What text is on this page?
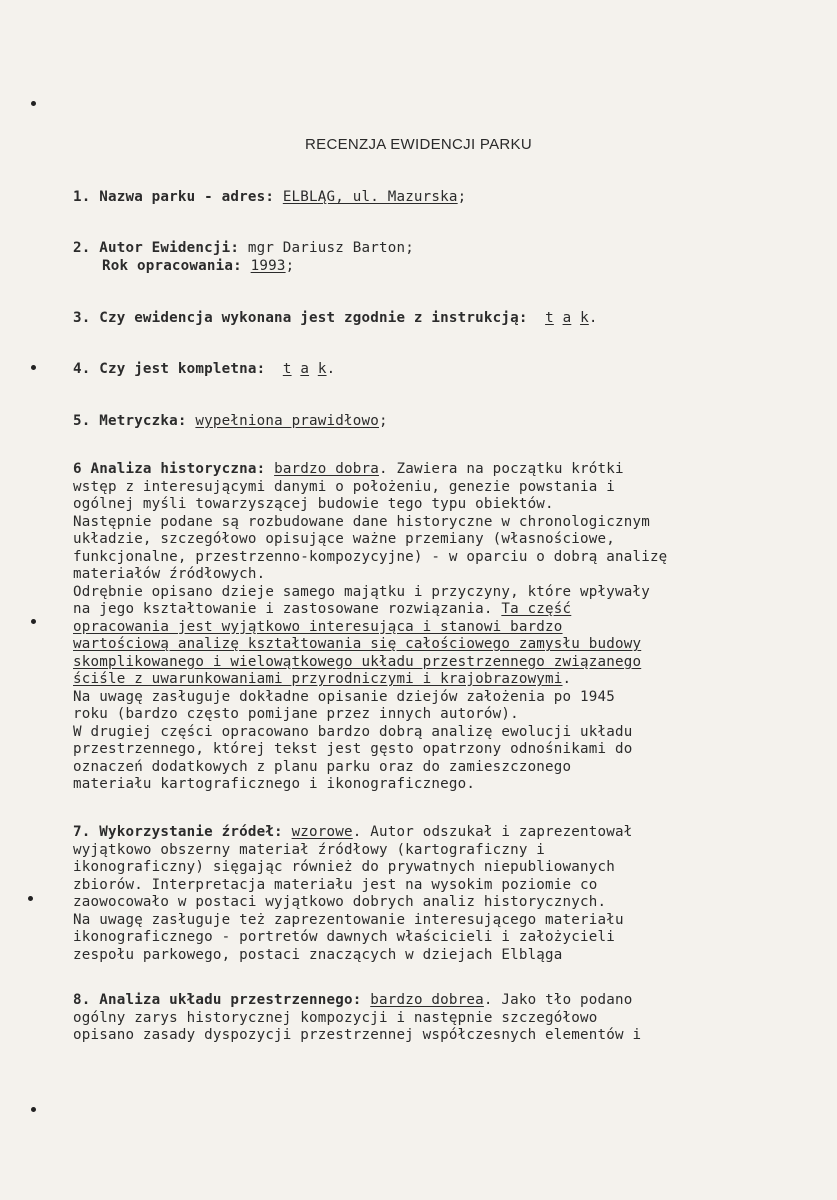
RECENZJA EWIDENCJI PARKU
1. Nazwa parku - adres: ELBLĄG, ul. Mazurska;
2. Autor Ewidencji: mgr Dariusz Barton;
Rok opracowania: 1993;
3. Czy ewidencja wykonana jest zgodnie z instrukcją: t a k.
4. Czy jest kompletna: t a k.
5. Metryczka: wypełniona prawidłowo;
6 Analiza historyczna: bardzo dobra. Zawiera na początku krótki
wstęp z interesującymi danymi o położeniu, genezie powstania i
ogólnej myśli towarzyszącej budowie tego typu obiektów.
Następnie podane są rozbudowane dane historyczne w chronologicznym
układzie, szczegółowo opisujące ważne przemiany (własnościowe,
funkcjonalne, przestrzenno-kompozycyjne) - w oparciu o dobrą analizę
materiałów źródłowych.
Odrębnie opisano dzieje samego majątku i przyczyny, które wpływały
na jego kształtowanie i zastosowane rozwiązania. Ta część
opracowania jest wyjątkowo interesująca i stanowi bardzo
wartościową analizę kształtowania się całościowego zamysłu budowy
skomplikowanego i wielowątkowego układu przestrzennego związanego
ściśle z uwarunkowaniami przyrodniczymi i krajobrazowymi.
Na uwagę zasługuje dokładne opisanie dziejów założenia po 1945
roku (bardzo często pomijane przez innych autorów).
W drugiej części opracowano bardzo dobrą analizę ewolucji układu
przestrzennego, której tekst jest gęsto opatrzony odnośnikami do
oznaczeń dodatkowych z planu parku oraz do zamieszczonego
materiału kartograficznego i ikonograficznego.
7. Wykorzystanie źródeł: wzorowe. Autor odszukał i zaprezentował
wyjątkowo obszerny materiał źródłowy (kartograficzny i
ikonograficzny) sięgając również do prywatnych niepubliowanych
zbiorów. Interpretacja materiału jest na wysokim poziomie co
zaowocowało w postaci wyjątkowo dobrych analiz historycznych.
Na uwagę zasługuje też zaprezentowanie interesującego materiału
ikonograficznego - portretów dawnych właścicieli i założycieli
zespołu parkowego, postaci znaczących w dziejach Elbląga
8. Analiza układu przestrzennego: bardzo dobrea. Jako tło podano
ogólny zarys historycznej kompozycji i następnie szczegółowo
opisano zasady dyspozycji przestrzennej współczesnych elementów i
